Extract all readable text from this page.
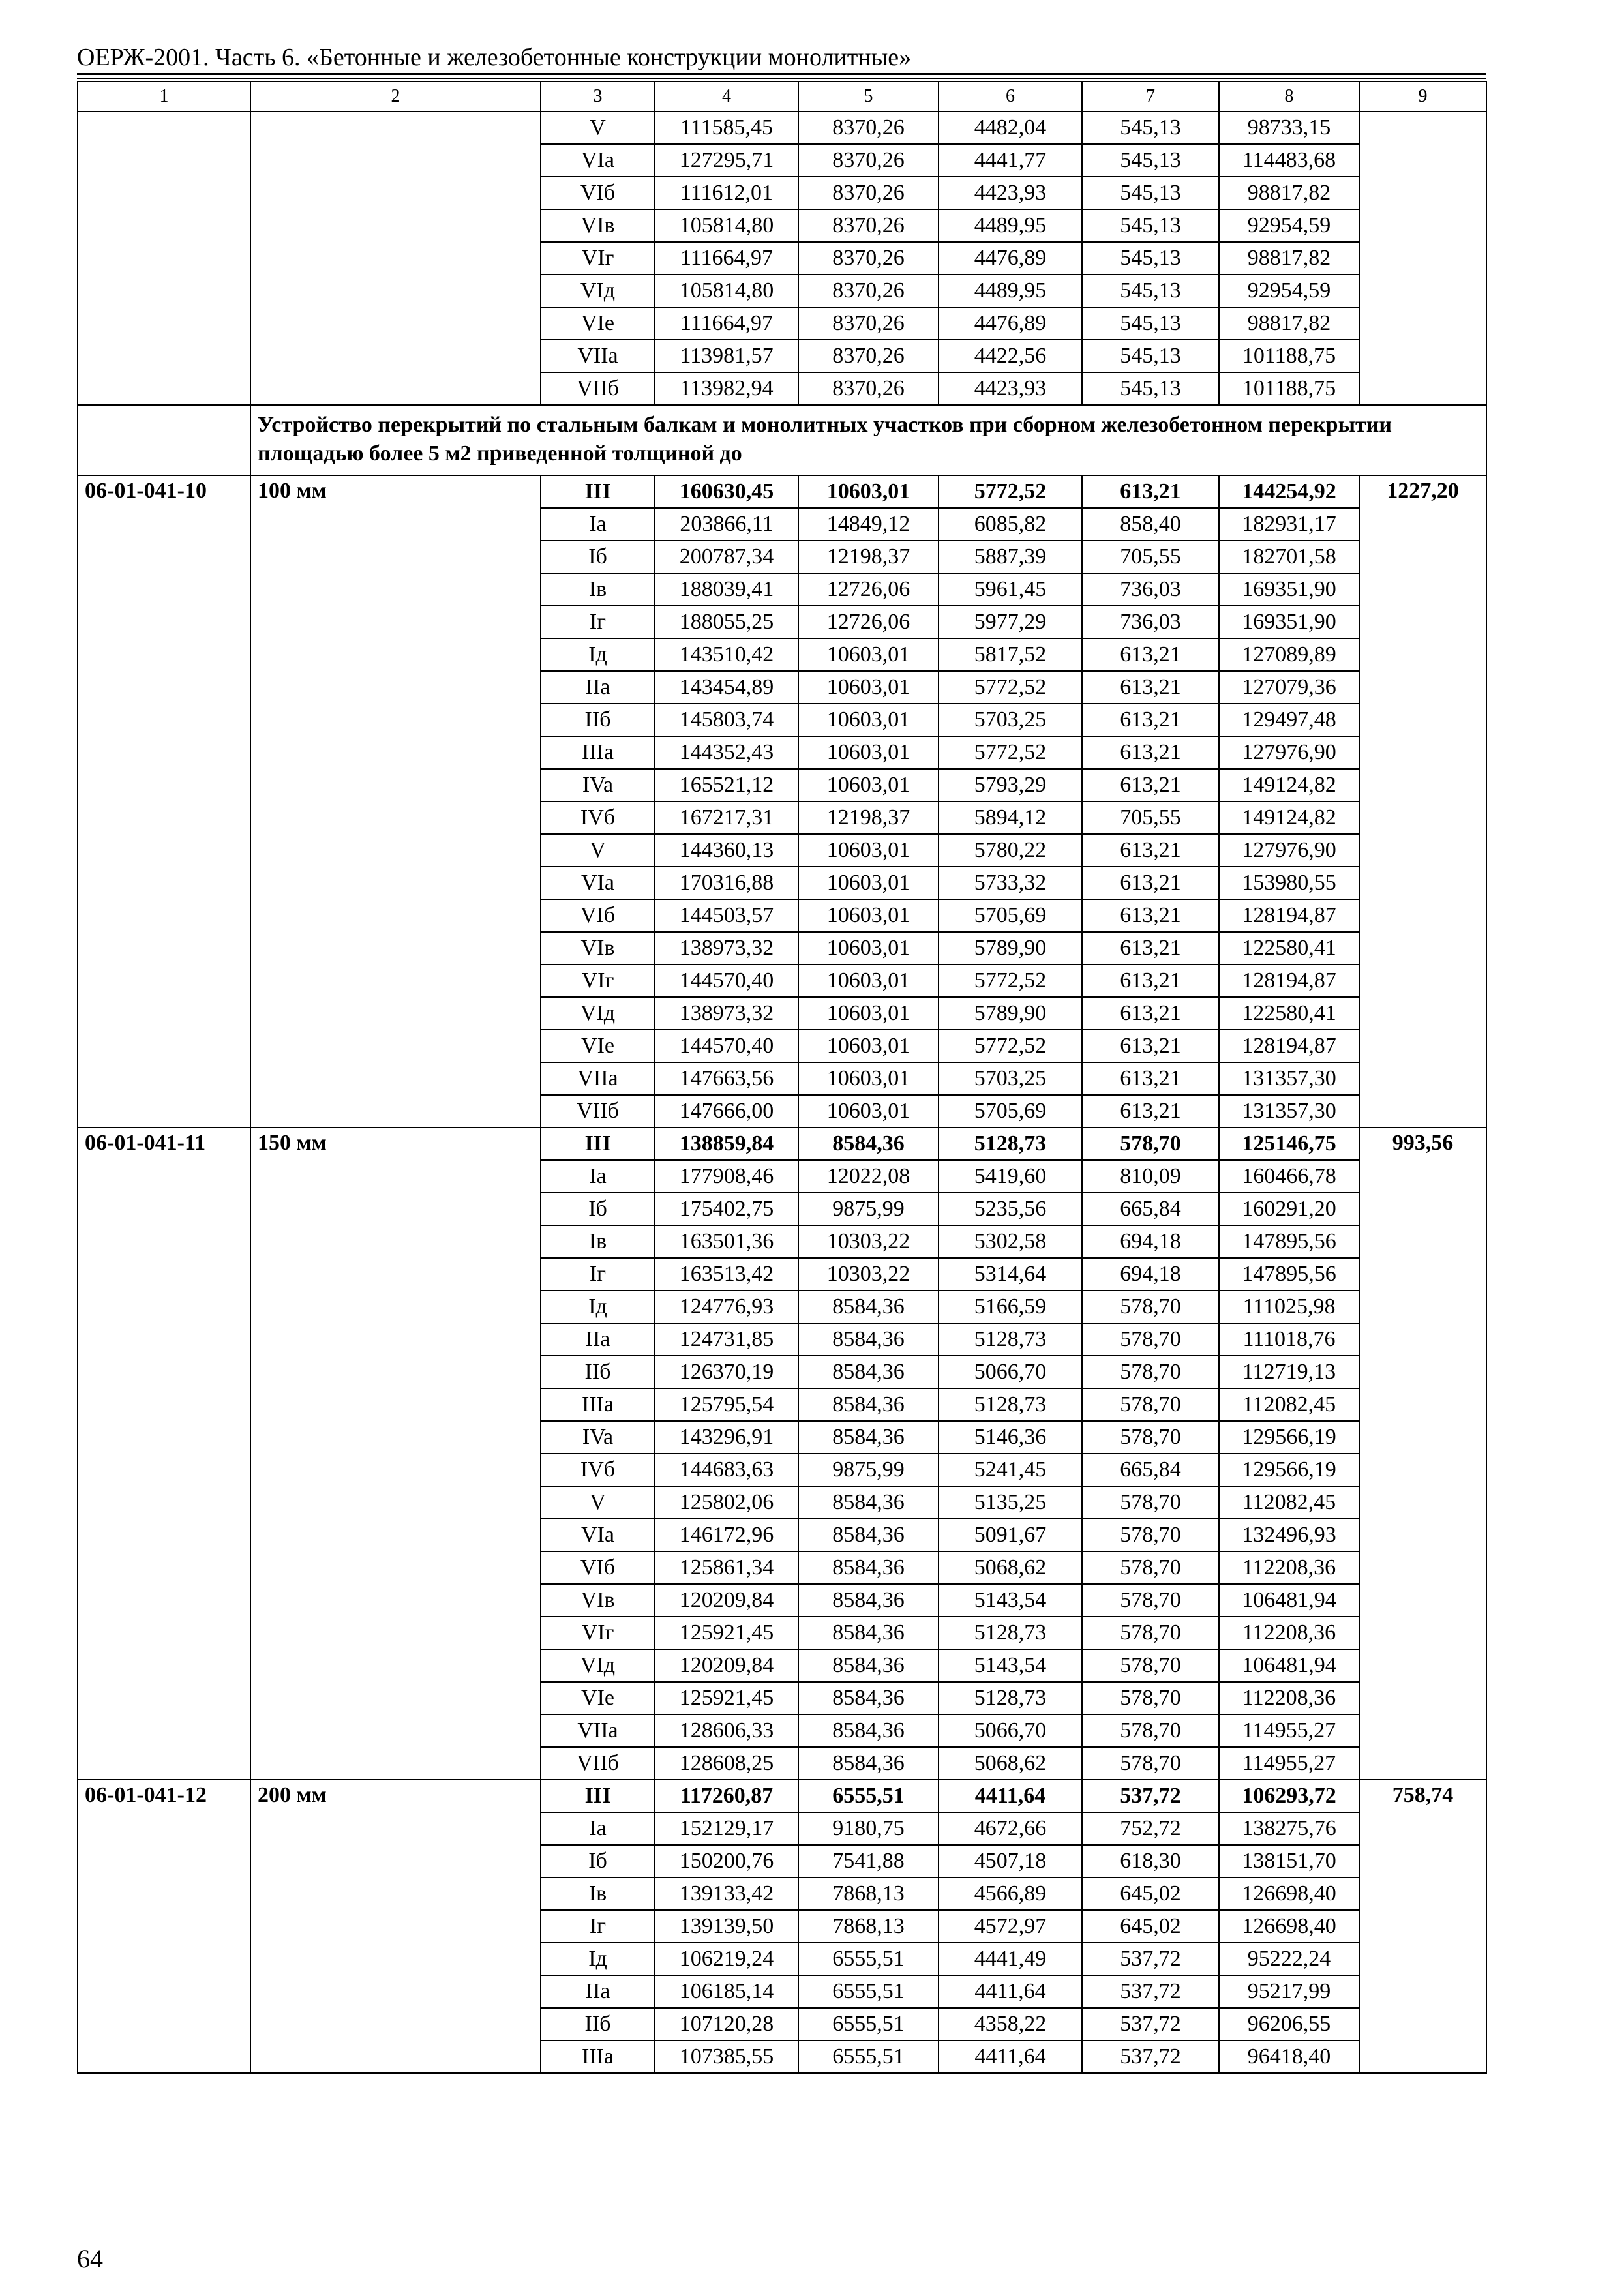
ОЕРЖ-2001. Часть 6. «Бетонные и железобетонные конструкции монолитные»
1	2	3	4	5	6	7	8	9
		V	111585,45	8370,26	4482,04	545,13	98733,15	
		VIa	127295,71	8370,26	4441,77	545,13	114483,68	
		VIб	111612,01	8370,26	4423,93	545,13	98817,82	
		VIв	105814,80	8370,26	4489,95	545,13	92954,59	
		VIг	111664,97	8370,26	4476,89	545,13	98817,82	
		VIд	105814,80	8370,26	4489,95	545,13	92954,59	
		VIe	111664,97	8370,26	4476,89	545,13	98817,82	
		VIIa	113981,57	8370,26	4422,56	545,13	101188,75	
		VIIб	113982,94	8370,26	4423,93	545,13	101188,75	
	Устройство перекрытий по стальным балкам и монолитных участков при сборном железобетонном перекрытии площадью более 5 м2 приведенной толщиной до							
06-01-041-10	100 мм	III	160630,45	10603,01	5772,52	613,21	144254,92	1227,20
		Ia	203866,11	14849,12	6085,82	858,40	182931,17	
		Iб	200787,34	12198,37	5887,39	705,55	182701,58	
		Iв	188039,41	12726,06	5961,45	736,03	169351,90	
		Iг	188055,25	12726,06	5977,29	736,03	169351,90	
		Iд	143510,42	10603,01	5817,52	613,21	127089,89	
		IIa	143454,89	10603,01	5772,52	613,21	127079,36	
		IIб	145803,74	10603,01	5703,25	613,21	129497,48	
		IIIa	144352,43	10603,01	5772,52	613,21	127976,90	
		IVa	165521,12	10603,01	5793,29	613,21	149124,82	
		IVб	167217,31	12198,37	5894,12	705,55	149124,82	
		V	144360,13	10603,01	5780,22	613,21	127976,90	
		VIa	170316,88	10603,01	5733,32	613,21	153980,55	
		VIб	144503,57	10603,01	5705,69	613,21	128194,87	
		VIв	138973,32	10603,01	5789,90	613,21	122580,41	
		VIг	144570,40	10603,01	5772,52	613,21	128194,87	
		VIд	138973,32	10603,01	5789,90	613,21	122580,41	
		VIe	144570,40	10603,01	5772,52	613,21	128194,87	
		VIIa	147663,56	10603,01	5703,25	613,21	131357,30	
		VIIб	147666,00	10603,01	5705,69	613,21	131357,30	
06-01-041-11	150 мм	III	138859,84	8584,36	5128,73	578,70	125146,75	993,56
		Ia	177908,46	12022,08	5419,60	810,09	160466,78	
		Iб	175402,75	9875,99	5235,56	665,84	160291,20	
		Iв	163501,36	10303,22	5302,58	694,18	147895,56	
		Iг	163513,42	10303,22	5314,64	694,18	147895,56	
		Iд	124776,93	8584,36	5166,59	578,70	111025,98	
		IIa	124731,85	8584,36	5128,73	578,70	111018,76	
		IIб	126370,19	8584,36	5066,70	578,70	112719,13	
		IIIa	125795,54	8584,36	5128,73	578,70	112082,45	
		IVa	143296,91	8584,36	5146,36	578,70	129566,19	
		IVб	144683,63	9875,99	5241,45	665,84	129566,19	
		V	125802,06	8584,36	5135,25	578,70	112082,45	
		VIa	146172,96	8584,36	5091,67	578,70	132496,93	
		VIб	125861,34	8584,36	5068,62	578,70	112208,36	
		VIв	120209,84	8584,36	5143,54	578,70	106481,94	
		VIг	125921,45	8584,36	5128,73	578,70	112208,36	
		VIд	120209,84	8584,36	5143,54	578,70	106481,94	
		VIe	125921,45	8584,36	5128,73	578,70	112208,36	
		VIIa	128606,33	8584,36	5066,70	578,70	114955,27	
		VIIб	128608,25	8584,36	5068,62	578,70	114955,27	
06-01-041-12	200 мм	III	117260,87	6555,51	4411,64	537,72	106293,72	758,74
		Ia	152129,17	9180,75	4672,66	752,72	138275,76	
		Iб	150200,76	7541,88	4507,18	618,30	138151,70	
		Iв	139133,42	7868,13	4566,89	645,02	126698,40	
		Iг	139139,50	7868,13	4572,97	645,02	126698,40	
		Iд	106219,24	6555,51	4441,49	537,72	95222,24	
		IIa	106185,14	6555,51	4411,64	537,72	95217,99	
		IIб	107120,28	6555,51	4358,22	537,72	96206,55	
		IIIa	107385,55	6555,51	4411,64	537,72	96418,40	
64
